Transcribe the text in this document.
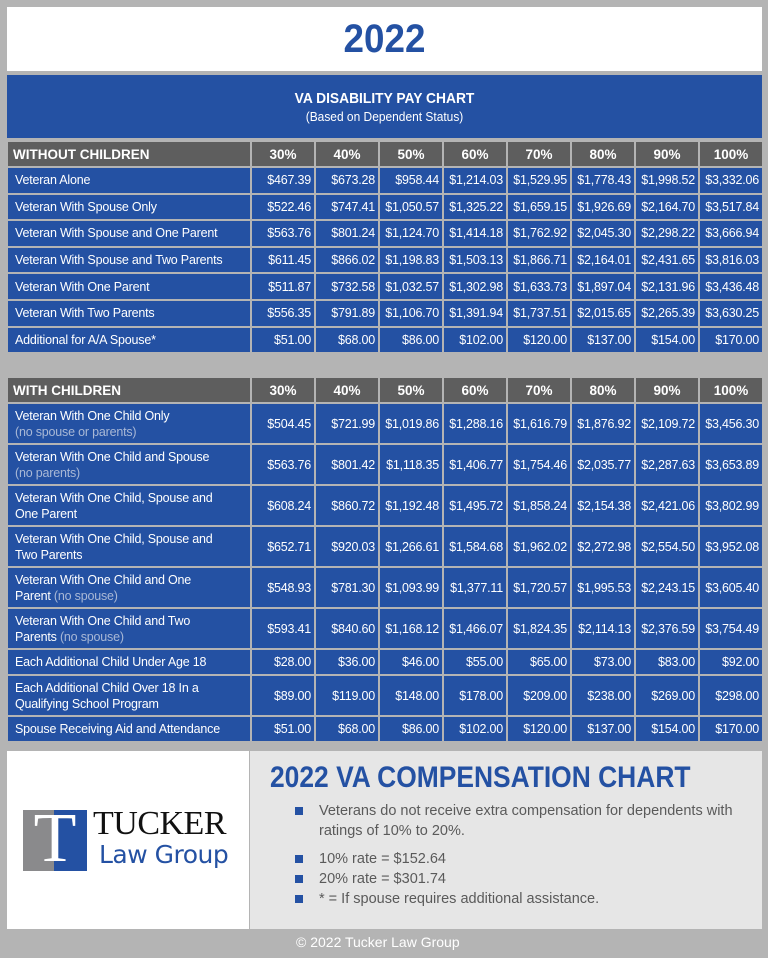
2022
VA DISABILITY PAY CHART
(Based on Dependent Status)
WITHOUT CHILDREN	30%	40%	50%	60%	70%	80%	90%	100%
Veteran Alone	$467.39	$673.28	$958.44	$1,214.03	$1,529.95	$1,778.43	$1,998.52	$3,332.06
Veteran With Spouse Only	$522.46	$747.41	$1,050.57	$1,325.22	$1,659.15	$1,926.69	$2,164.70	$3,517.84
Veteran With Spouse and One Parent	$563.76	$801.24	$1,124.70	$1,414.18	$1,762.92	$2,045.30	$2,298.22	$3,666.94
Veteran With Spouse and Two Parents	$611.45	$866.02	$1,198.83	$1,503.13	$1,866.71	$2,164.01	$2,431.65	$3,816.03
Veteran With One Parent	$511.87	$732.58	$1,032.57	$1,302.98	$1,633.73	$1,897.04	$2,131.96	$3,436.48
Veteran With Two Parents	$556.35	$791.89	$1,106.70	$1,391.94	$1,737.51	$2,015.65	$2,265.39	$3,630.25
Additional for A/A Spouse*	$51.00	$68.00	$86.00	$102.00	$120.00	$137.00	$154.00	$170.00
WITH CHILDREN	30%	40%	50%	60%	70%	80%	90%	100%
Veteran With One Child Only
(no spouse or parents)	$504.45	$721.99	$1,019.86	$1,288.16	$1,616.79	$1,876.92	$2,109.72	$3,456.30
Veteran With One Child and Spouse
(no parents)	$563.76	$801.42	$1,118.35	$1,406.77	$1,754.46	$2,035.77	$2,287.63	$3,653.89
Veteran With One Child, Spouse and
One Parent	$608.24	$860.72	$1,192.48	$1,495.72	$1,858.24	$2,154.38	$2,421.06	$3,802.99
Veteran With One Child, Spouse and
Two Parents	$652.71	$920.03	$1,266.61	$1,584.68	$1,962.02	$2,272.98	$2,554.50	$3,952.08
Veteran With One Child and One
Parent (no spouse)	$548.93	$781.30	$1,093.99	$1,377.11	$1,720.57	$1,995.53	$2,243.15	$3,605.40
Veteran With One Child and Two
Parents (no spouse)	$593.41	$840.60	$1,168.12	$1,466.07	$1,824.35	$2,114.13	$2,376.59	$3,754.49
Each Additional Child Under Age 18	$28.00	$36.00	$46.00	$55.00	$65.00	$73.00	$83.00	$92.00
Each Additional Child Over 18 In a
Qualifying School Program	$89.00	$119.00	$148.00	$178.00	$209.00	$238.00	$269.00	$298.00
Spouse Receiving Aid and Attendance	$51.00	$68.00	$86.00	$102.00	$120.00	$137.00	$154.00	$170.00
T TUCKER
Law Group
2022 VA COMPENSATION CHART
Veterans do not receive extra compensation for dependents with ratings of 10% to 20%.
10% rate = $152.64
20% rate = $301.74
* = If spouse requires additional assistance.
© 2022 Tucker Law Group
